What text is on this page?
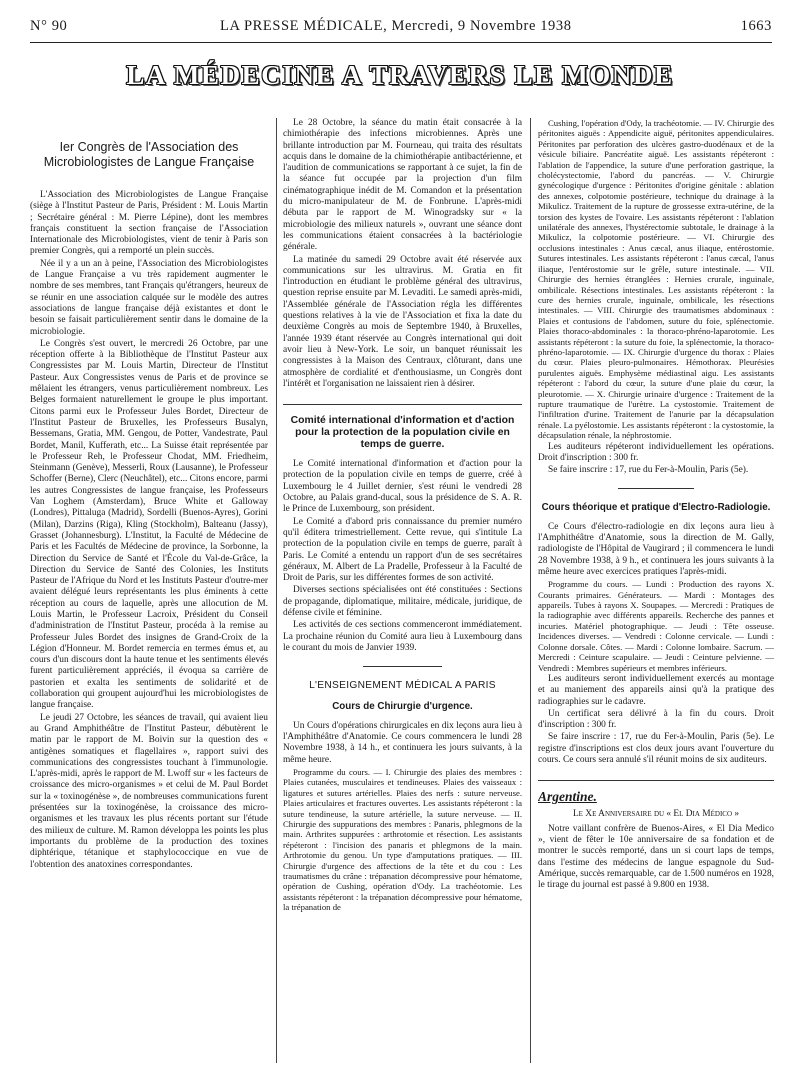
N° 90	LA PRESSE MÉDICALE, Mercredi, 9 Novembre 1938	1663
LA MÉDECINE A TRAVERS LE MONDE
Ier Congrès de l'Association des Microbiologistes de Langue Française

L'Association des Microbiologistes de Langue Française (siège à l'Institut Pasteur de Paris, Président : M. Louis Martin ; Secrétaire général : M. Pierre Lépine), dont les membres français constituent la section française de l'Association Internationale des Microbiologistes, vient de tenir à Paris son premier Congrès, qui a remporté un plein succès.

Née il y a un an à peine, l'Association des Microbiologistes de Langue Française a vu très rapidement augmenter le nombre de ses membres, tant Français qu'étrangers, heureux de se réunir en une association calquée sur le modèle des autres associations de langue française déjà existantes et dont le besoin se faisait particulièrement sentir dans le domaine de la microbiologie.

Le Congrès s'est ouvert, le mercredi 26 Octobre, par une réception offerte à la Bibliothèque de l'Institut Pasteur aux Congressistes par M. Louis Martin, Directeur de l'Institut Pasteur. Aux Congressistes venus de Paris et de province se mêlaient les étrangers, venus particulièrement nombreux. Les Belges formaient naturellement le groupe le plus important. Citons parmi eux le Professeur Jules Bordet, Directeur de l'Institut Pasteur de Bruxelles, les Professeurs Busalyn, Bessemans, Gratia, MM. Gengou, de Potter, Vandestrate, Paul Bordet, Manil, Kufferath, etc... La Suisse était représentée par le Professeur Reh, le Professeur Chodat, MM. Friedheim, Steinmann (Genève), Messerli, Roux (Lausanne), le Professeur Schoffer (Berne), Clerc (Neuchâtel), etc... Citons encore, parmi les autres Congressistes de langue française, les Professeurs Van Loghem (Amsterdam), Bruce White et Galloway (Londres), Pittaluga (Madrid), Sordelli (Buenos-Ayres), Gorini (Milan), Darzins (Riga), Kling (Stockholm), Balteanu (Jassy), Grasset (Johannesburg). L'Institut, la Faculté de Médecine de Paris et les Facultés de Médecine de province, la Sorbonne, la Direction du Service de Santé et l'École du Val-de-Grâce, la Direction du Service de Santé des Colonies, les Instituts Pasteur de l'Afrique du Nord et les Instituts Pasteur d'outre-mer avaient délégué leurs représentants les plus éminents à cette réception au cours de laquelle, après une allocution de M. Louis Martin, le Professeur Lacroix, Président du Conseil d'administration de l'Institut Pasteur, procéda à la remise au Professeur Jules Bordet des insignes de Grand-Croix de la Légion d'Honneur. M. Bordet remercia en termes émus et, au cours d'un discours dont la haute tenue et les sentiments élevés furent particulièrement appréciés, il évoqua sa carrière de pastorien et exalta les sentiments de solidarité et de collaboration qui groupent aujourd'hui les microbiologistes de langue française.

Le jeudi 27 Octobre, les séances de travail, qui avaient lieu au Grand Amphithéâtre de l'Institut Pasteur, débutèrent le matin par le rapport de M. Boivin sur la question des « antigènes somatiques et flagellaires », rapport suivi des communications des congressistes touchant à l'immunologie. L'après-midi, après le rapport de M. Lwoff sur « les facteurs de croissance des micro-organismes » et celui de M. Paul Bordet sur la « toxinogénèse », de nombreuses communications furent présentées sur la toxinogénèse, la croissance des micro-organismes et les travaux les plus récents portant sur l'étude des milieux de culture. M. Ramon développa les points les plus importants du problème de la production des toxines diphtérique, tétanique et staphylococcique en vue de l'obtention des anatoxines correspondantes.

Le 28 Octobre, la séance du matin était consacrée à la chimiothérapie des infections microbiennes. Après une brillante introduction par M. Fourneau, qui traita des résultats acquis dans le domaine de la chimiothérapie antibactérienne, et l'audition de communications se rapportant à ce sujet, la fin de la séance fut occupée par la projection d'un film cinématographique inédit de M. Comandon et la présentation du micro-manipulateur de M. de Fonbrune. L'après-midi débuta par le rapport de M. Winogradsky sur « la microbiologie des milieux naturels », ouvrant une séance dont les communications étaient consacrées à la bactériologie générale.

La matinée du samedi 29 Octobre avait été réservée aux communications sur les ultravirus. M. Gratia en fit l'introduction en étudiant le problème général des ultravirus, question reprise ensuite par M. Levaditi. Le samedi après-midi, l'Assemblée générale de l'Association régla les différentes questions relatives à la vie de l'Association et fixa la date du deuxième Congrès au mois de Septembre 1940, à Bruxelles, l'année 1939 étant réservée au Congrès international qui doit avoir lieu à New-York. Le soir, un banquet réunissait les congressistes à la Maison des Centraux, clôturant, dans une atmosphère de cordialité et d'enthousiasme, un Congrès dont l'intérêt et l'organisation ne laissaient rien à désirer.

Comité international d'information et d'action pour la protection de la population civile en temps de guerre.

Le Comité international d'information et d'action pour la protection de la population civile en temps de guerre, créé à Luxembourg le 4 Juillet dernier, s'est réuni le vendredi 28 Octobre, au Palais grand-ducal, sous la présidence de S. A. R. le Prince de Luxembourg, son président.

Le Comité a d'abord pris connaissance du premier numéro qu'il éditera trimestriellement. Cette revue, qui s'intitule La protection de la population civile en temps de guerre, paraît à Paris. Le Comité a entendu un rapport d'un de ses secrétaires généraux, M. Albert de La Pradelle, Professeur à la Faculté de Droit de Paris, sur les différentes formes de son activité.

Diverses sections spécialisées ont été constituées : Sections de propagande, diplomatique, militaire, médicale, juridique, de défense civile et féminine.

Les activités de ces sections commenceront immédiatement. La prochaine réunion du Comité aura lieu à Luxembourg dans le courant du mois de Janvier 1939.

L'ENSEIGNEMENT MÉDICAL A PARIS
Cours de Chirurgie d'urgence.

Un Cours d'opérations chirurgicales en dix leçons aura lieu à l'Amphithéâtre d'Anatomie. Ce cours commencera le lundi 28 Novembre 1938, à 14 h., et continuera les jours suivants, à la même heure.

Programme du cours. — I. Chirurgie des plaies des membres : Plaies cutanées, musculaires et tendineuses. Plaies des vaisseaux : ligatures et sutures artérielles. Plaies des nerfs : suture nerveuse. Plaies articulaires et fractures ouvertes. Les assistants répéteront : la suture tendineuse, la suture artérielle, la suture nerveuse. — II. Chirurgie des suppurations des membres : Panaris, phlegmons de la main. Arthrites suppurées : arthrotomie et résection. Les assistants répéteront : l'incision des panaris et phlegmons de la main. Arthrotomie du genou. Un type d'amputations pratiques. — III. Chirurgie d'urgence des affections de la tête et du cou : Les traumatismes du crâne : trépanation décompressive pour hématome, opération de Cushing, opération d'Ody. La trachéotomie. Les assistants répéteront : la trépanation décompressive pour hématome, la trépanation de

Cushing, l'opération d'Ody, la trachéotomie. — IV. Chirurgie des péritonites aiguës : Appendicite aiguë, péritonites appendiculaires. Péritonites par perforation des ulcères gastro-duodénaux et de la vésicule biliaire. Pancréatite aiguë. Les assistants répéteront : l'ablation de l'appendice, la suture d'une perforation gastrique, la cholécystectomie, l'abord du pancréas. — V. Chirurgie gynécologique d'urgence : Péritonites d'origine génitale : ablation des annexes, colpotomie postérieure, technique du drainage à la Mikulicz. Traitement de la rupture de grossesse extra-utérine, de la torsion des kystes de l'ovaire. Les assistants répéteront : l'ablation unilatérale des annexes, l'hystérectomie subtotale, le drainage à la Mikulicz, la colpotomie postérieure. — VI. Chirurgie des occlusions intestinales : Anus cæcal, anus iliaque, entérostomie. Sutures intestinales. Les assistants répéteront : l'anus cæcal, l'anus iliaque, l'entérostomie sur le grêle, suture intestinale. — VII. Chirurgie des hernies étranglées : Hernies crurale, inguinale, ombilicale. Résections intestinales. Les assistants répéteront : la cure des hernies crurale, inguinale, ombilicale, les résections intestinales. — VIII. Chirurgie des traumatismes abdominaux : Plaies et contusions de l'abdomen, suture du foie, splénectomie. Plaies thoraco-abdominales : la thoraco-phréno-laparotomie. Les assistants répéteront : la suture du foie, la splénectomie, la thoraco-phréno-laparotomie. — IX. Chirurgie d'urgence du thorax : Plaies du cœur. Plaies pleuro-pulmonaires. Hémothorax. Pleurésies purulentes aiguës. Emphysème médiastinal aigu. Les assistants répéteront : l'abord du cœur, la suture d'une plaie du cœur, la pleurotomie. — X. Chirurgie urinaire d'urgence : Traitement de la rupture traumatique de l'urètre. La cystostomie. Traitement de l'infiltration d'urine. Traitement de l'anurie par la décapsulation rénale. La pyélostomie. Les assistants répéteront : la cystostomie, la décapsulation rénale, la néphrostomie.

Les auditeurs répéteront individuellement les opérations. Droit d'inscription : 300 fr.

Se faire inscrire : 17, rue du Fer-à-Moulin, Paris (5e).

Cours théorique et pratique d'Electro-Radiologie.

Ce Cours d'électro-radiologie en dix leçons aura lieu à l'Amphithéâtre d'Anatomie, sous la direction de M. Gally, radiologiste de l'Hôpital de Vaugirard ; il commencera le lundi 28 Novembre 1938, à 9 h., et continuera les jours suivants à la même heure avec exercices pratiques l'après-midi.

Programme du cours. — Lundi : Production des rayons X. Courants primaires. Générateurs. — Mardi : Montages des appareils. Tubes à rayons X. Soupapes. — Mercredi : Pratiques de la radiographie avec différents appareils. Recherche des pannes et incuries. Matériel photographique. — Jeudi : Tête osseuse. Incidences diverses. — Vendredi : Colonne cervicale. — Lundi : Colonne dorsale. Côtes. — Mardi : Colonne lombaire. Sacrum. — Mercredi : Ceinture scapulaire. — Jeudi : Ceinture pelvienne. — Vendredi : Membres supérieurs et membres inférieurs.

Les auditeurs seront individuellement exercés au montage et au maniement des appareils ainsi qu'à la pratique des radiographies sur le cadavre.

Un certificat sera délivré à la fin du cours. Droit d'inscription : 300 fr.

Se faire inscrire : 17, rue du Fer-à-Moulin, Paris (5e). Le registre d'inscriptions est clos deux jours avant l'ouverture du cours. Ce cours sera annulé s'il réunit moins de six auditeurs.

Argentine.

Le Xe Anniversaire du « El Dia Médico »

Notre vaillant confrère de Buenos-Aires, « El Dia Medico », vient de fêter le 10e anniversaire de sa fondation et de montrer le succès remporté, dans un si court laps de temps, dans l'estime des médecins de langue espagnole du Sud-Amérique, succès remarquable, car de 1.500 numéros en 1928, le tirage du journal est passé à 9.800 en 1938.
